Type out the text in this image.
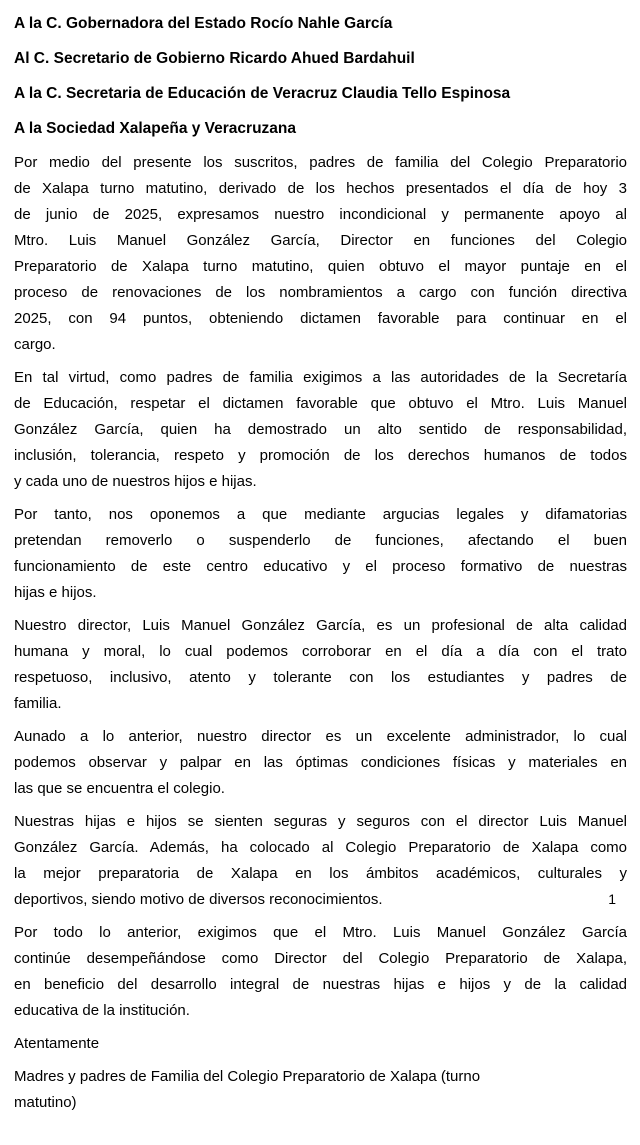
A la C. Gobernadora del Estado Rocío Nahle García

Al C. Secretario de Gobierno Ricardo Ahued Bardahuil

A la C. Secretaria de Educación de Veracruz Claudia Tello Espinosa

A la Sociedad Xalapeña y Veracruzana

Por medio del presente los suscritos, padres de familia del Colegio Preparatorio
de Xalapa turno matutino, derivado de los hechos presentados el día de hoy 3
de junio de 2025, expresamos nuestro incondicional y permanente apoyo al
Mtro. Luis Manuel González García, Director en funciones del Colegio
Preparatorio de Xalapa turno matutino, quien obtuvo el mayor puntaje en el
proceso de renovaciones de los nombramientos a cargo con función directiva
2025, con 94 puntos, obteniendo dictamen favorable para continuar en el
cargo.
En tal virtud, como padres de familia exigimos a las autoridades de la Secretaría
de Educación, respetar el dictamen favorable que obtuvo el Mtro. Luis Manuel
González García, quien ha demostrado un alto sentido de responsabilidad,
inclusión, tolerancia, respeto y promoción de los derechos humanos de todos
y cada uno de nuestros hijos e hijas.
Por tanto, nos oponemos a que mediante argucias legales y difamatorias
pretendan removerlo o suspenderlo de funciones, afectando el buen
funcionamiento de este centro educativo y el proceso formativo de nuestras
hijas e hijos.
Nuestro director, Luis Manuel González García, es un profesional de alta calidad
humana y moral, lo cual podemos corroborar en el día a día con el trato
respetuoso, inclusivo, atento y tolerante con los estudiantes y padres de
familia.
Aunado a lo anterior, nuestro director es un excelente administrador, lo cual
podemos observar y palpar en las óptimas condiciones físicas y materiales en
las que se encuentra el colegio.
Nuestras hijas e hijos se sienten seguras y seguros con el director Luis Manuel
González García. Además, ha colocado al Colegio Preparatorio de Xalapa como
la mejor preparatoria de Xalapa en los ámbitos académicos, culturales y
deportivos, siendo motivo de diversos reconocimientos.	1
Por todo lo anterior, exigimos que el Mtro. Luis Manuel González García
continúe desempeñándose como Director del Colegio Preparatorio de Xalapa,
en beneficio del desarrollo integral de nuestras hijas e hijos y de la calidad
educativa de la institución.
Atentamente
Madres y padres de Familia del Colegio Preparatorio de Xalapa (turno
matutino)
